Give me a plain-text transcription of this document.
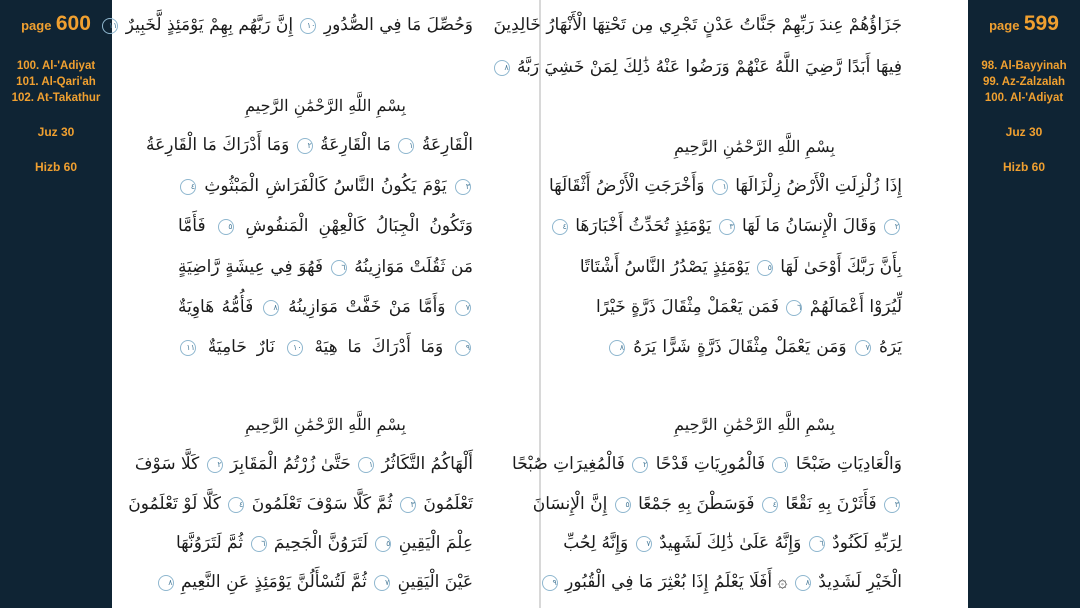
page 600
100. Al-'Adiyat
101. Al-Qari'ah
102. At-Takathur
Juz 30
Hizb 60
وَحُصِّلَ مَا فِي الصُّدُورِ ١٠ إِنَّ رَبَّهُم بِهِمْ يَوْمَئِذٍ لَّخَبِيرٌ ١١
بِسْمِ اللَّهِ الرَّحْمَٰنِ الرَّحِيمِ
الْقَارِعَةُ ١ مَا الْقَارِعَةُ ٢ وَمَا أَدْرَاكَ مَا الْقَارِعَةُ
٣ يَوْمَ يَكُونُ النَّاسُ كَالْفَرَاشِ الْمَبْثُوثِ ٤
وَتَكُونُ الْجِبَالُ كَالْعِهْنِ الْمَنفُوشِ ٥ فَأَمَّا
مَن ثَقُلَتْ مَوَازِينُهُ ٦ فَهُوَ فِي عِيشَةٍ رَّاضِيَةٍ
٧ وَأَمَّا مَنْ خَفَّتْ مَوَازِينُهُ ٨ فَأُمُّهُ هَاوِيَةٌ
٩ وَمَا أَدْرَاكَ مَا هِيَهْ ١٠ نَارٌ حَامِيَةٌ ١١
بِسْمِ اللَّهِ الرَّحْمَٰنِ الرَّحِيمِ
أَلْهَاكُمُ التَّكَاثُرُ ١ حَتَّىٰ زُرْتُمُ الْمَقَابِرَ ٢ كَلَّا سَوْفَ
تَعْلَمُونَ ٣ ثُمَّ كَلَّا سَوْفَ تَعْلَمُونَ ٤ كَلَّا لَوْ تَعْلَمُونَ
عِلْمَ الْيَقِينِ ٥ لَتَرَوُنَّ الْجَحِيمَ ٦ ثُمَّ لَتَرَوُنَّهَا
عَيْنَ الْيَقِينِ ٧ ثُمَّ لَتُسْأَلُنَّ يَوْمَئِذٍ عَنِ النَّعِيمِ ٨
جَزَاؤُهُمْ عِندَ رَبِّهِمْ جَنَّاتُ عَدْنٍ تَجْرِي مِن تَحْتِهَا الْأَنْهَارُ خَالِدِينَ
فِيهَا أَبَدًا رَّضِيَ اللَّهُ عَنْهُمْ وَرَضُوا عَنْهُ ذَٰلِكَ لِمَنْ خَشِيَ رَبَّهُ ٨
بِسْمِ اللَّهِ الرَّحْمَٰنِ الرَّحِيمِ
إِذَا زُلْزِلَتِ الْأَرْضُ زِلْزَالَهَا ١ وَأَخْرَجَتِ الْأَرْضُ أَثْقَالَهَا
٢ وَقَالَ الْإِنسَانُ مَا لَهَا ٣ يَوْمَئِذٍ تُحَدِّثُ أَخْبَارَهَا ٤
بِأَنَّ رَبَّكَ أَوْحَىٰ لَهَا ٥ يَوْمَئِذٍ يَصْدُرُ النَّاسُ أَشْتَاتًا
لِّيُرَوْا أَعْمَالَهُمْ ٦ فَمَن يَعْمَلْ مِثْقَالَ ذَرَّةٍ خَيْرًا
يَرَهُ ٧ وَمَن يَعْمَلْ مِثْقَالَ ذَرَّةٍ شَرًّا يَرَهُ ٨
بِسْمِ اللَّهِ الرَّحْمَٰنِ الرَّحِيمِ
وَالْعَادِيَاتِ ضَبْحًا ١ فَالْمُورِيَاتِ قَدْحًا ٢ فَالْمُغِيرَاتِ صُبْحًا
٣ فَأَثَرْنَ بِهِ نَقْعًا ٤ فَوَسَطْنَ بِهِ جَمْعًا ٥ إِنَّ الْإِنسَانَ
لِرَبِّهِ لَكَنُودٌ ٦ وَإِنَّهُ عَلَىٰ ذَٰلِكَ لَشَهِيدٌ ٧ وَإِنَّهُ لِحُبِّ
الْخَيْرِ لَشَدِيدٌ ٨ ۞ أَفَلَا يَعْلَمُ إِذَا بُعْثِرَ مَا فِي الْقُبُورِ ٩
page 599
98. Al-Bayyinah
99. Az-Zalzalah
100. Al-'Adiyat
Juz 30
Hizb 60
